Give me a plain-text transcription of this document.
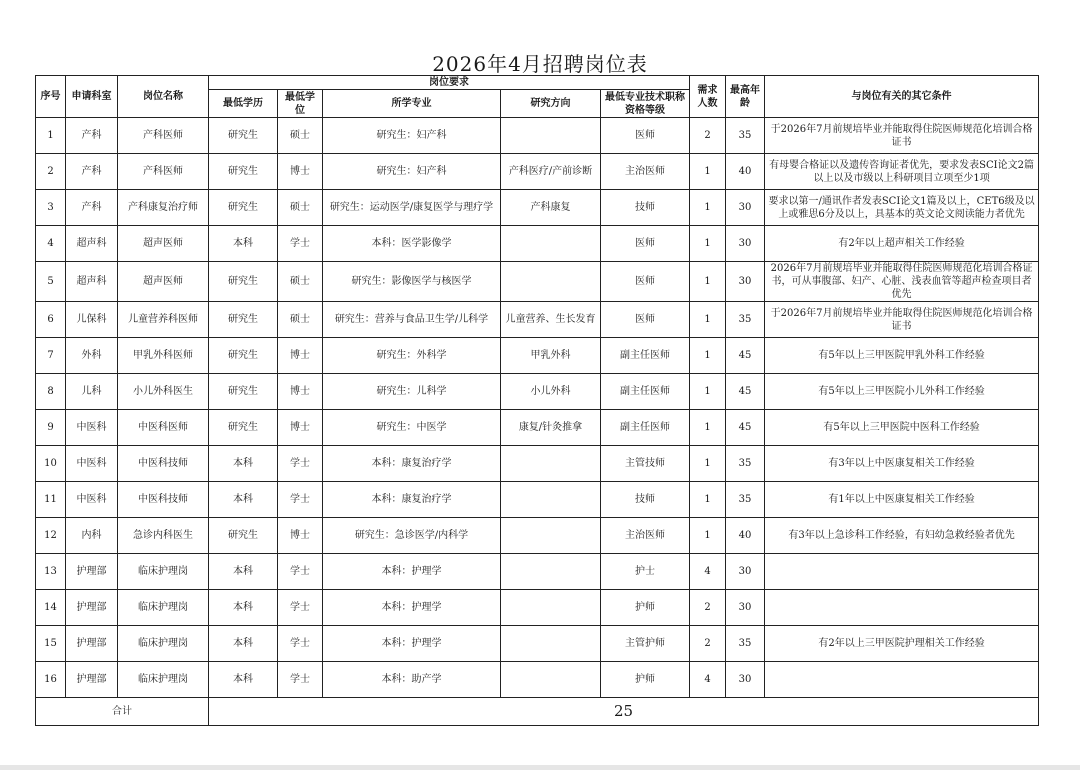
2026年4月招聘岗位表
序号	申请科室	岗位名称	岗位要求					需求人数	最高年龄	与岗位有关的其它条件
			最低学历	最低学位	所学专业	研究方向	最低专业技术职称资格等级			
1	产科	产科医师	研究生	硕士	研究生：妇产科		医师	2	35	于2026年7月前规培毕业并能取得住院医师规范化培训合格证书
2	产科	产科医师	研究生	博士	研究生：妇产科	产科医疗/产前诊断	主治医师	1	40	有母婴合格证以及遗传咨询证者优先，要求发表SCI论文2篇以上以及市级以上科研项目立项至少1项
3	产科	产科康复治疗师	研究生	硕士	研究生：运动医学/康复医学与理疗学	产科康复	技师	1	30	要求以第一/通讯作者发表SCI论文1篇及以上，CET6级及以上或雅思6分及以上，具基本的英文论文阅读能力者优先
4	超声科	超声医师	本科	学士	本科：医学影像学		医师	1	30	有2年以上超声相关工作经验
5	超声科	超声医师	研究生	硕士	研究生：影像医学与核医学		医师	1	30	2026年7月前规培毕业并能取得住院医师规范化培训合格证书，可从事腹部、妇产、心脏、浅表血管等超声检查项目者优先
6	儿保科	儿童营养科医师	研究生	硕士	研究生：营养与食品卫生学/儿科学	儿童营养、生长发育	医师	1	35	于2026年7月前规培毕业并能取得住院医师规范化培训合格证书
7	外科	甲乳外科医师	研究生	博士	研究生：外科学	甲乳外科	副主任医师	1	45	有5年以上三甲医院甲乳外科工作经验
8	儿科	小儿外科医生	研究生	博士	研究生：儿科学	小儿外科	副主任医师	1	45	有5年以上三甲医院小儿外科工作经验
9	中医科	中医科医师	研究生	博士	研究生：中医学	康复/针灸推拿	副主任医师	1	45	有5年以上三甲医院中医科工作经验
10	中医科	中医科技师	本科	学士	本科：康复治疗学		主管技师	1	35	有3年以上中医康复相关工作经验
11	中医科	中医科技师	本科	学士	本科：康复治疗学		技师	1	35	有1年以上中医康复相关工作经验
12	内科	急诊内科医生	研究生	博士	研究生：急诊医学/内科学		主治医师	1	40	有3年以上急诊科工作经验，有妇幼急救经验者优先
13	护理部	临床护理岗	本科	学士	本科：护理学		护士	4	30	
14	护理部	临床护理岗	本科	学士	本科：护理学		护师	2	30	
15	护理部	临床护理岗	本科	学士	本科：护理学		主管护师	2	35	有2年以上三甲医院护理相关工作经验
16	护理部	临床护理岗	本科	学士	本科：助产学		护师	4	30	
合计			25							
